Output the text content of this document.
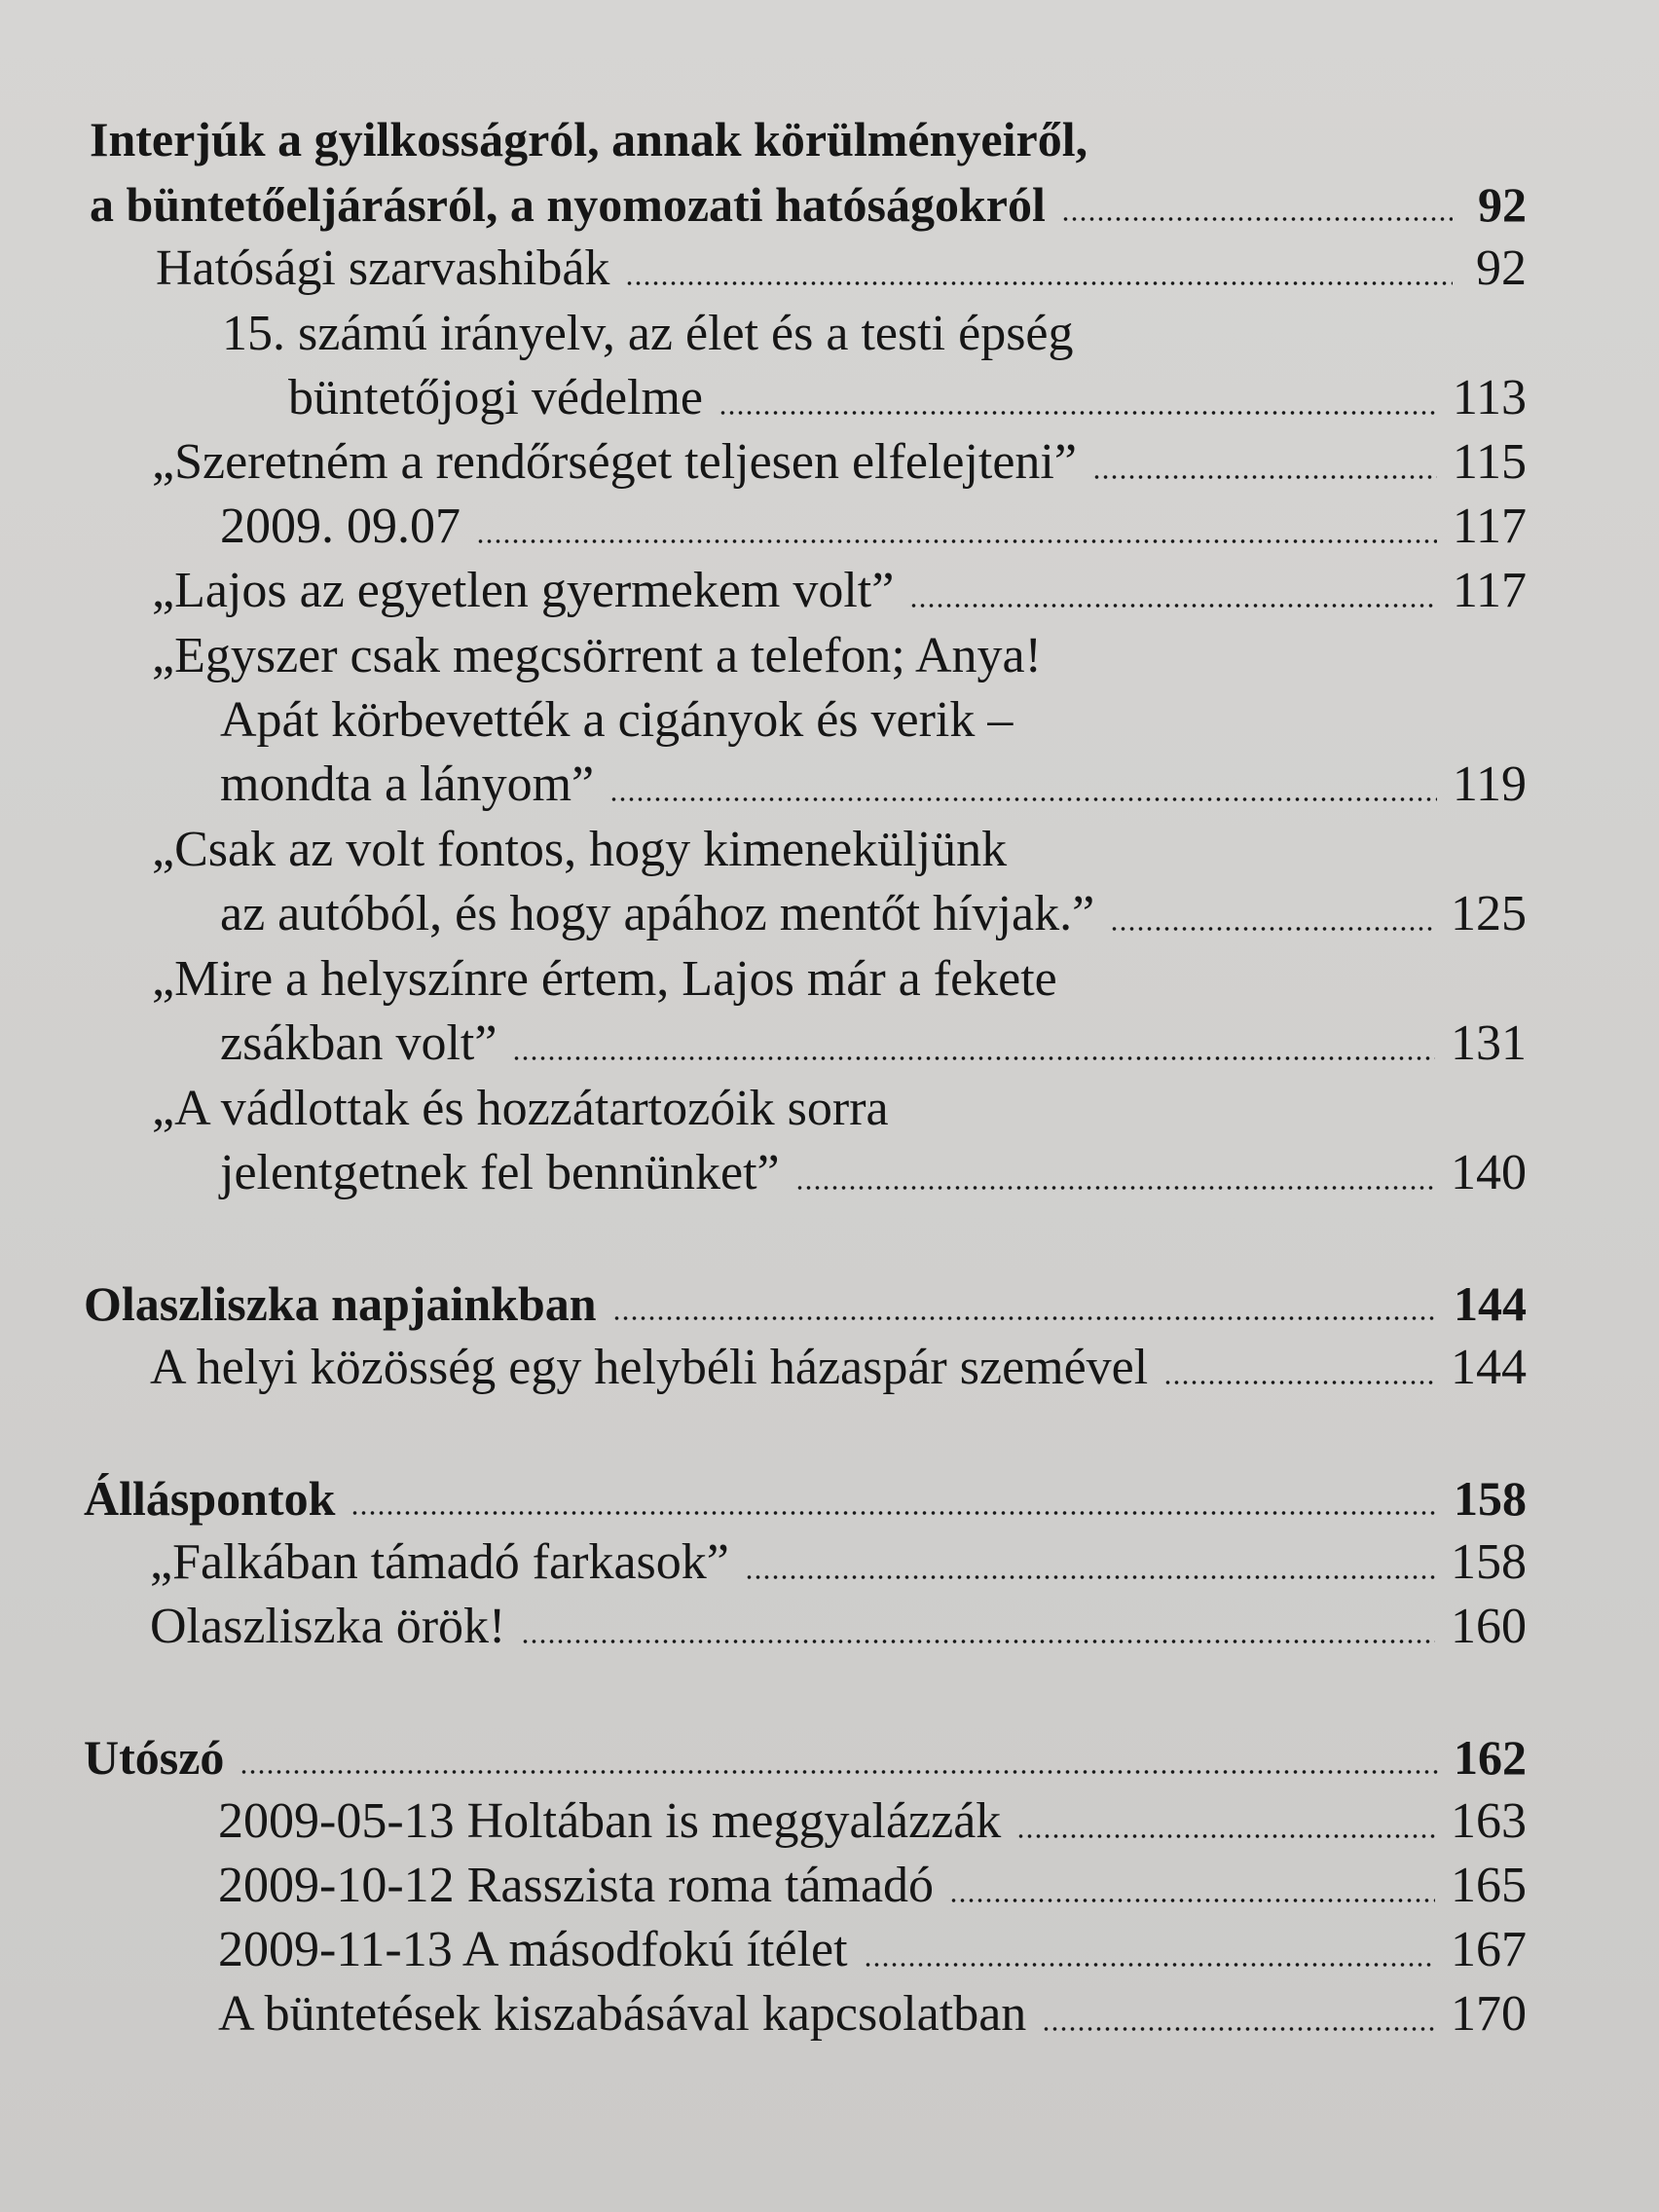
Interjúk a gyilkosságról, annak körülményeiről,
a büntetőeljárásról, a nyomozati hatóságokról	92
Hatósági szarvashibák	92
15. számú irányelv, az élet és a testi épség
büntetőjogi védelme	113
„Szeretném a rendőrséget teljesen elfelejteni”	115
2009. 09.07	117
„Lajos az egyetlen gyermekem volt”	117
„Egyszer csak megcsörrent a telefon; Anya!
Apát körbevették a cigányok és verik –
mondta a lányom”	119
„Csak az volt fontos, hogy kimeneküljünk
az autóból, és hogy apához mentőt hívjak.”	125
„Mire a helyszínre értem, Lajos már a fekete
zsákban volt”	131
„A vádlottak és hozzátartozóik sorra
jelentgetnek fel bennünket”	140
Olaszliszka napjainkban	144
A helyi közösség egy helybéli házaspár szemével	144
Álláspontok	158
„Falkában támadó farkasok”	158
Olaszliszka örök!	160
Utószó	162
2009-05-13 Holtában is meggyalázzák	163
2009-10-12 Rasszista roma támadó	165
2009-11-13 A másodfokú ítélet	167
A büntetések kiszabásával kapcsolatban	170
